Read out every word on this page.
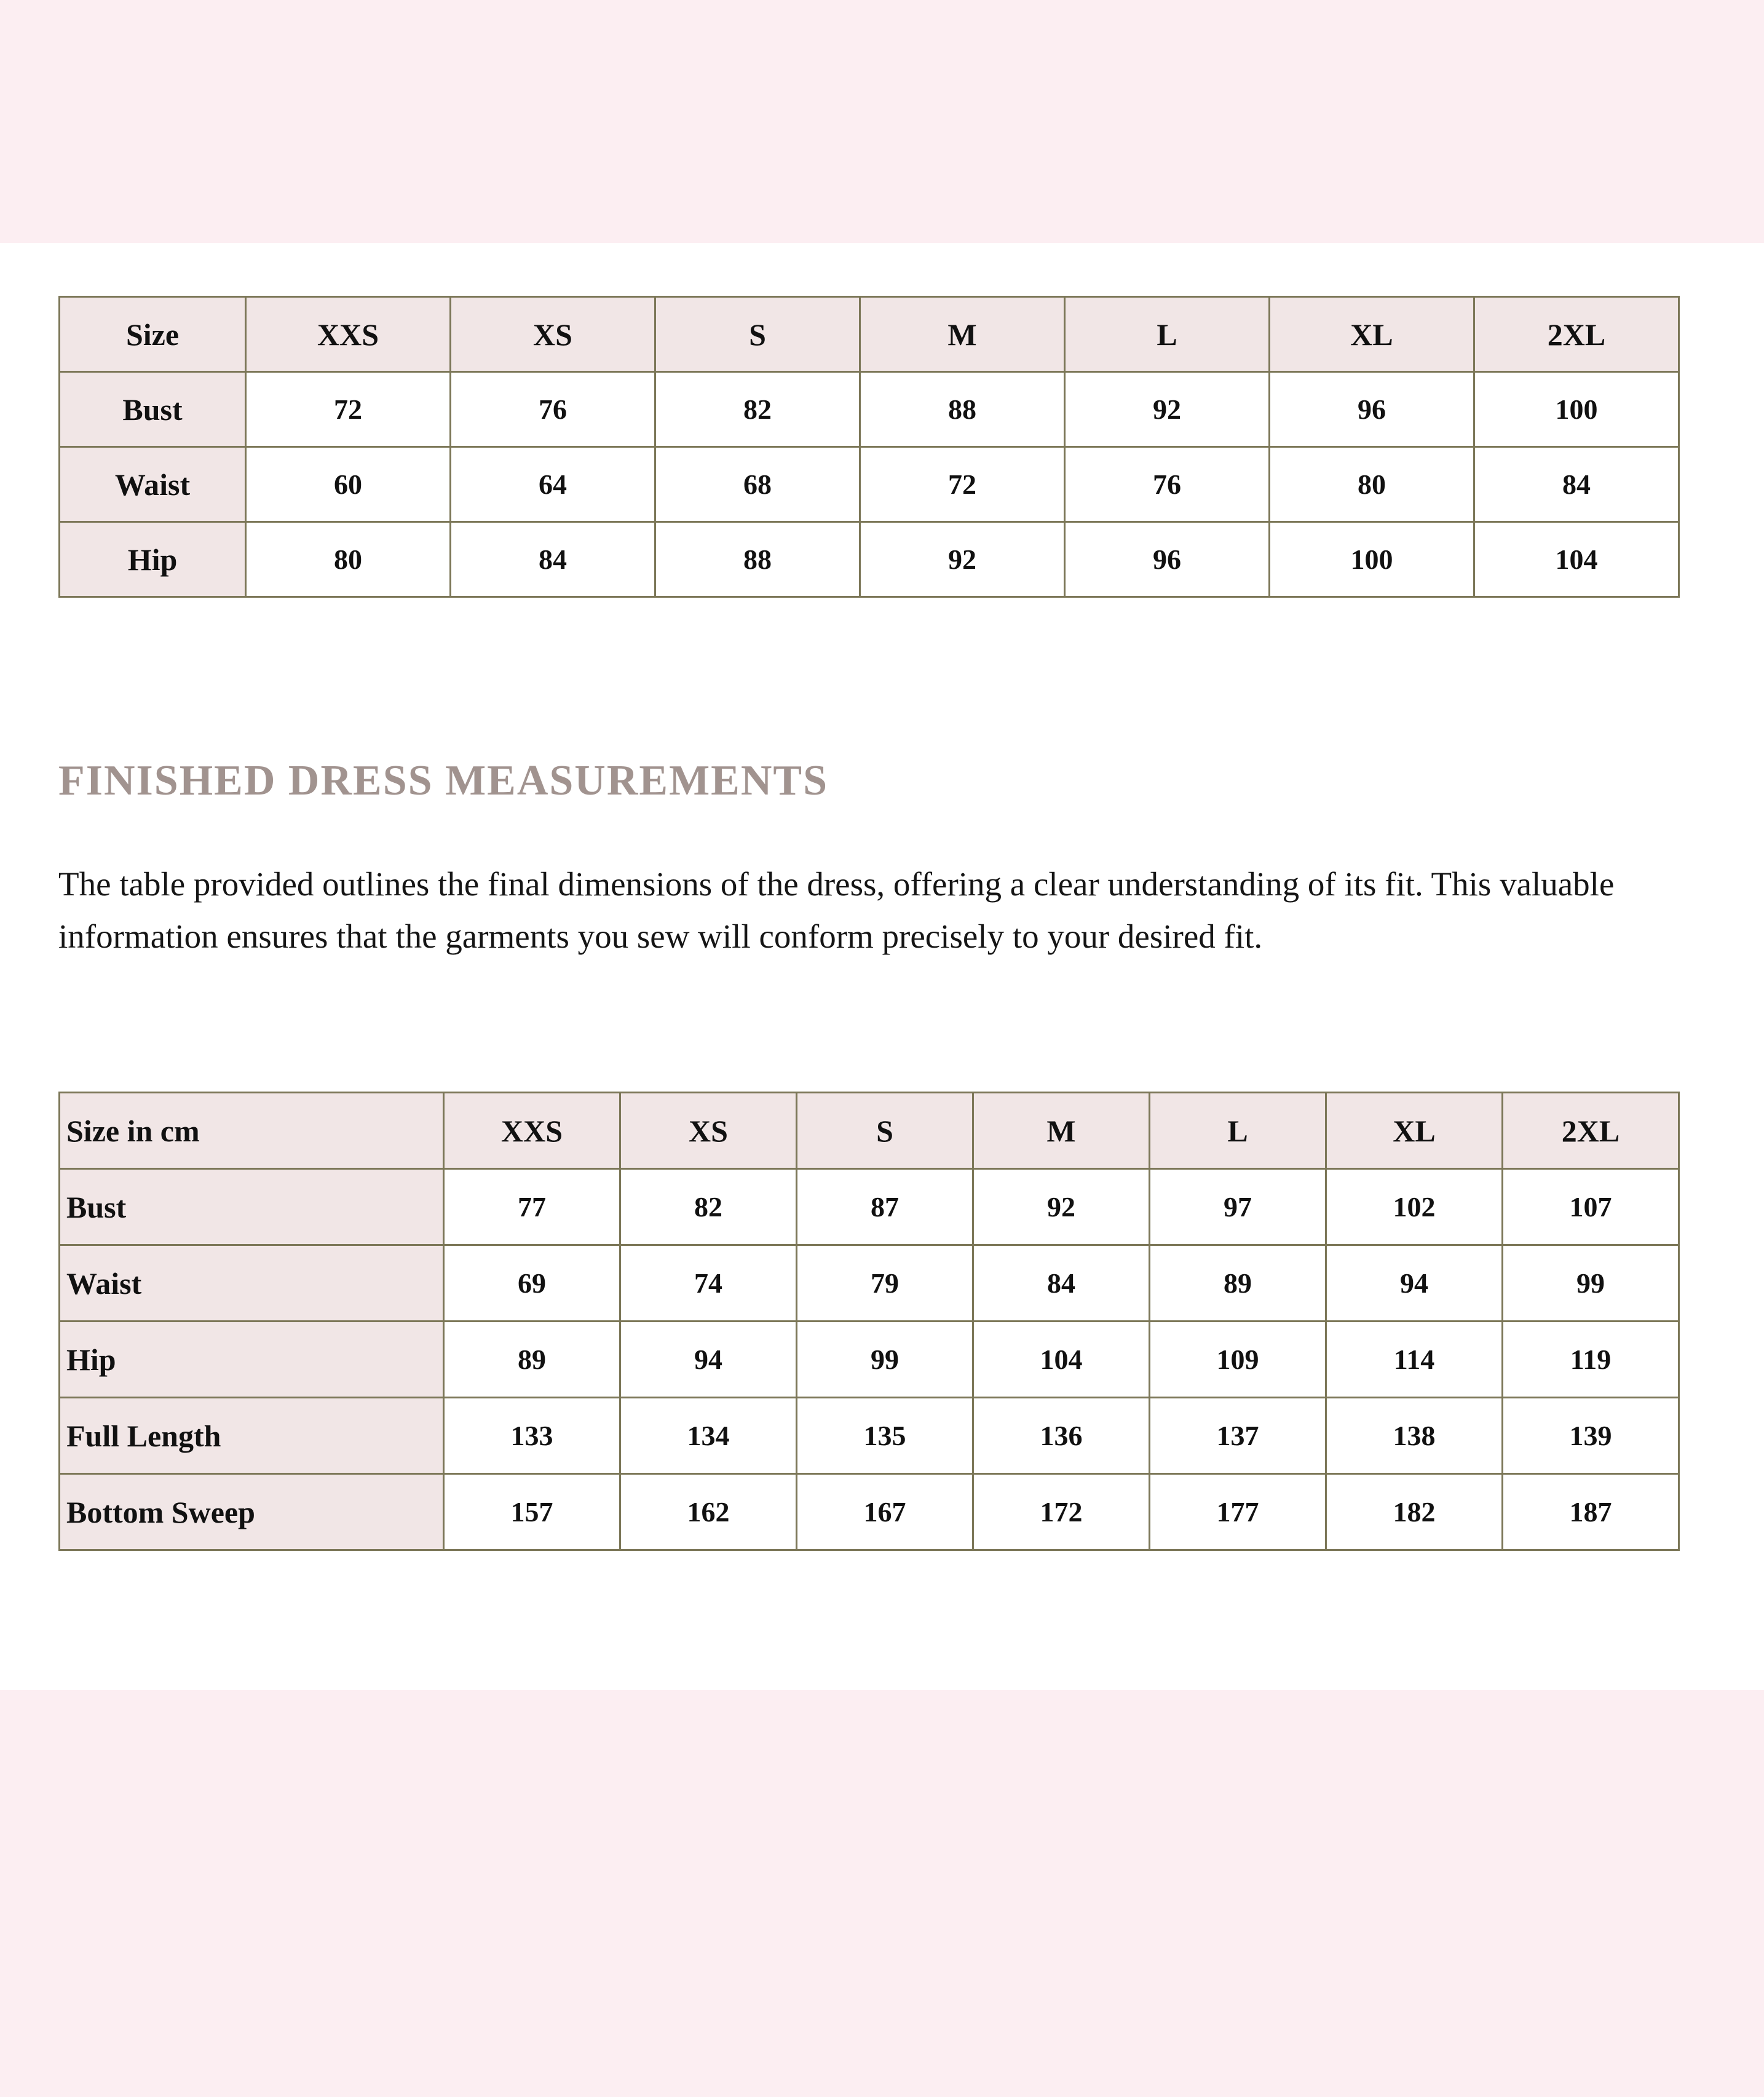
Size	XXS	XS	S	M	L	XL	2XL
Bust	72	76	82	88	92	96	100
Waist	60	64	68	72	76	80	84
Hip	80	84	88	92	96	100	104
FINISHED DRESS MEASUREMENTS
The table provided outlines the final dimensions of the dress, offering a clear understanding of its fit. This valuable information ensures that the garments you sew will conform precisely to your desired fit.
Size in cm	XXS	XS	S	M	L	XL	2XL
Bust	77	82	87	92	97	102	107
Waist	69	74	79	84	89	94	99
Hip	89	94	99	104	109	114	119
Full Length	133	134	135	136	137	138	139
Bottom Sweep	157	162	167	172	177	182	187
